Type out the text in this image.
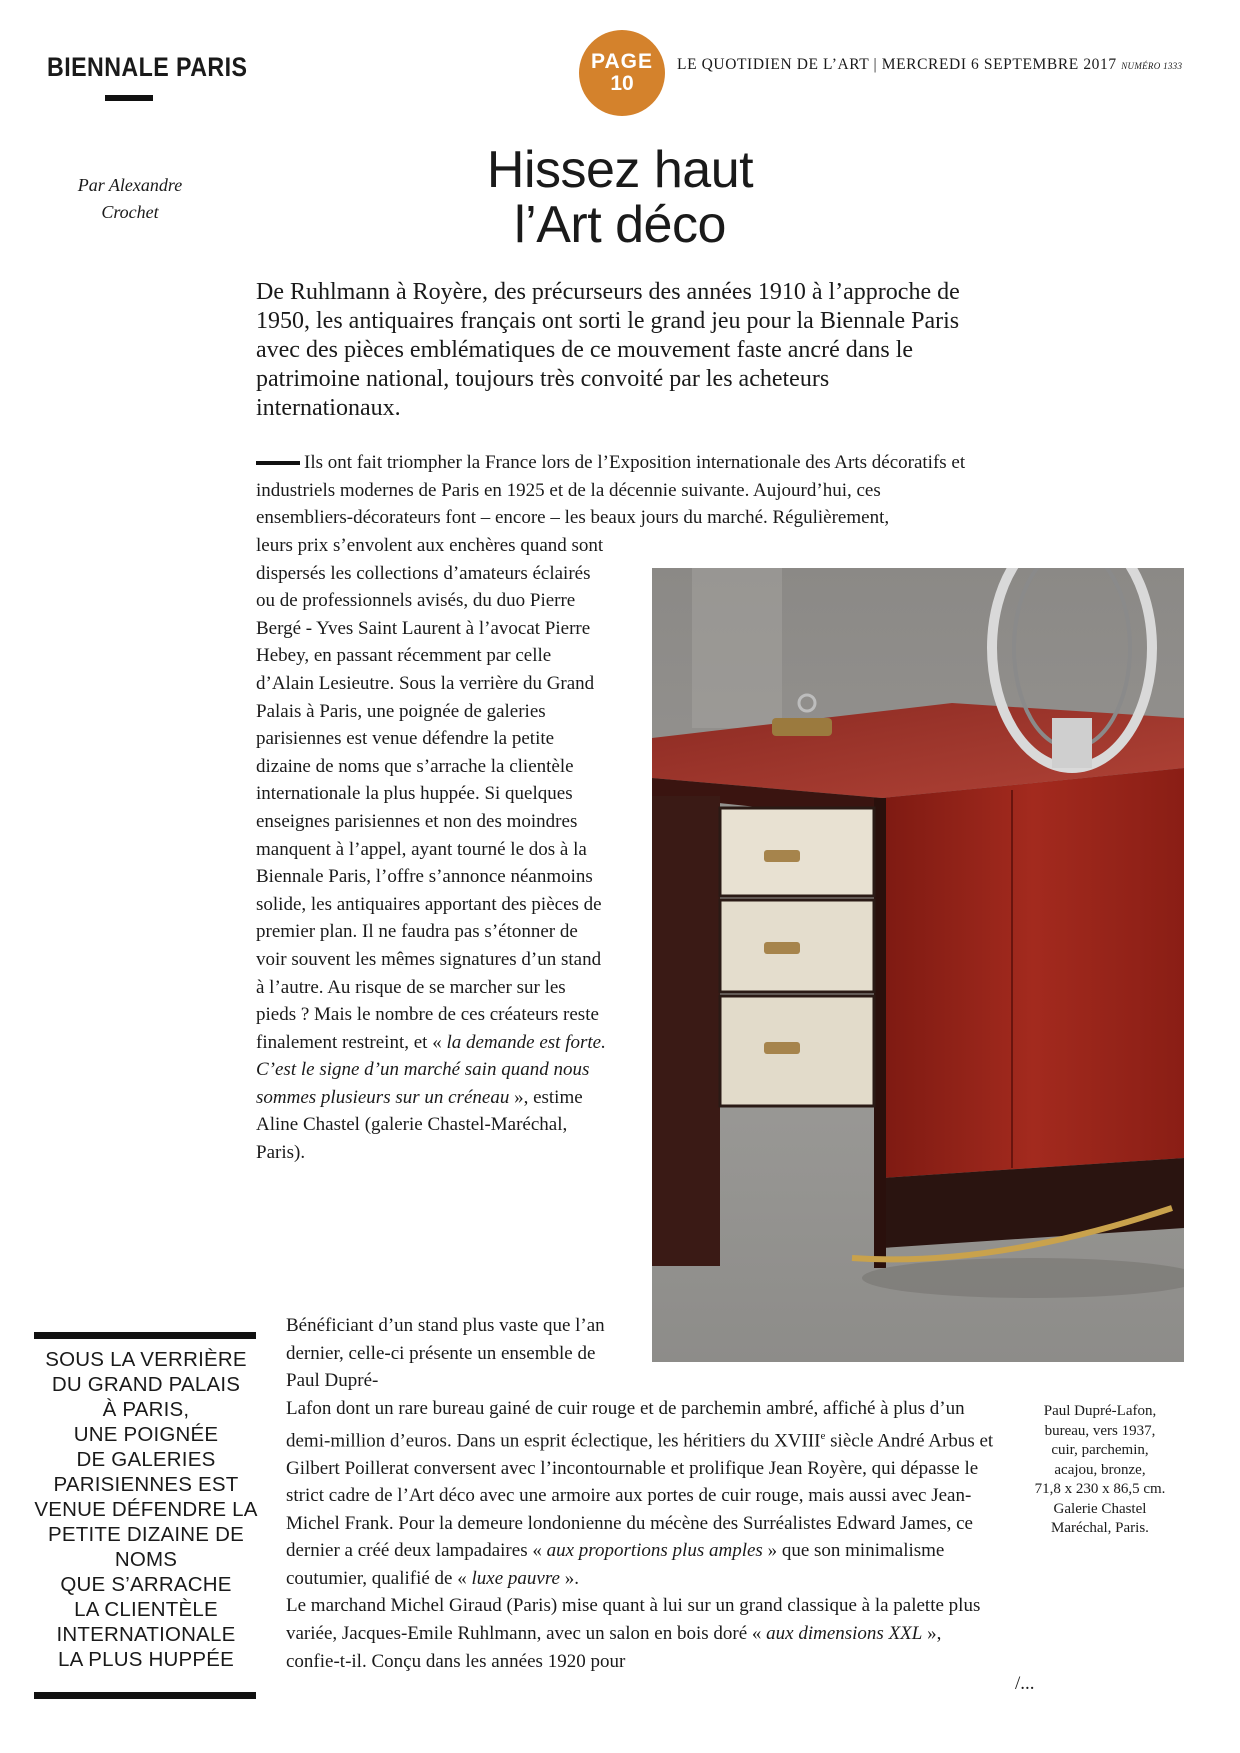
BIENNALE PARIS	PAGE
10
LE QUOTIDIEN DE L’ART | MERCREDI 6 SEPTEMBRE 2017 NUMÉRO 1333
Par Alexandre
Crochet
Hissez haut
l’Art déco
De Ruhlmann à Royère, des précurseurs des années 1910 à l’approche de 1950, les antiquaires français ont sorti le grand jeu pour la Biennale Paris avec des pièces emblématiques de ce mouvement faste ancré dans le patrimoine national, toujours très convoité par les acheteurs internationaux.
Ils ont fait triompher la France lors de l’Exposition internationale des Arts décoratifs et industriels modernes de Paris en 1925 et de la décennie suivante. Aujourd’hui, ces ensembliers-décorateurs font – encore – les beaux jours du marché. Régulièrement,
leurs prix s’envolent aux enchères quand sont dispersés les collections d’amateurs éclairés ou de professionnels avisés, du duo Pierre Bergé - Yves Saint Laurent à l’avocat Pierre Hebey, en passant récemment par celle d’Alain Lesieutre. Sous la verrière du Grand Palais à Paris, une poignée de galeries parisiennes est venue défendre la petite dizaine de noms que s’arrache la clientèle internationale la plus huppée. Si quelques enseignes parisiennes et non des moindres manquent à l’appel, ayant tourné le dos à la Biennale Paris, l’offre s’annonce néanmoins solide, les antiquaires apportant des pièces de premier plan. Il ne faudra pas s’étonner de voir souvent les mêmes signatures d’un stand à l’autre. Au risque de se marcher sur les pieds ? Mais le nombre de ces créateurs reste finalement restreint, et « la demande est forte. C’est le signe d’un marché sain quand nous sommes plusieurs sur un créneau », estime Aline Chastel (galerie Chastel-Maréchal, Paris).
Bénéficiant d’un stand plus vaste que l’an dernier, celle-ci présente un ensemble de Paul Dupré-
Paul Dupré-Lafon,
bureau, vers 1937,
cuir, parchemin,
acajou, bronze,
71,8 x 230 x 86,5 cm.
Galerie Chastel
Maréchal, Paris.
Lafon dont un rare bureau gainé de cuir rouge et de parchemin ambré, affiché à plus d’un demi-million d’euros. Dans un esprit éclectique, les héritiers du XVIIIe siècle André Arbus et Gilbert Poillerat conversent avec l’incontournable et prolifique Jean Royère, qui dépasse le strict cadre de l’Art déco avec une armoire aux portes de cuir rouge, mais aussi avec Jean-Michel Frank. Pour la demeure londonienne du mécène des Surréalistes Edward James, ce dernier a créé deux lampadaires « aux proportions plus amples » que son minimalisme coutumier, qualifié de « luxe pauvre ».
Le marchand Michel Giraud (Paris) mise quant à lui sur un grand classique à la palette plus variée, Jacques-Emile Ruhlmann, avec un salon en bois doré « aux dimensions XXL », confie-t-il. Conçu dans les années 1920 pour
/...
SOUS LA VERRIÈRE
DU GRAND PALAIS
À PARIS,
UNE POIGNÉE
DE GALERIES
PARISIENNES EST
VENUE DÉFENDRE LA
PETITE DIZAINE DE
NOMS
QUE S’ARRACHE
LA CLIENTÈLE
INTERNATIONALE
LA PLUS HUPPÉE
